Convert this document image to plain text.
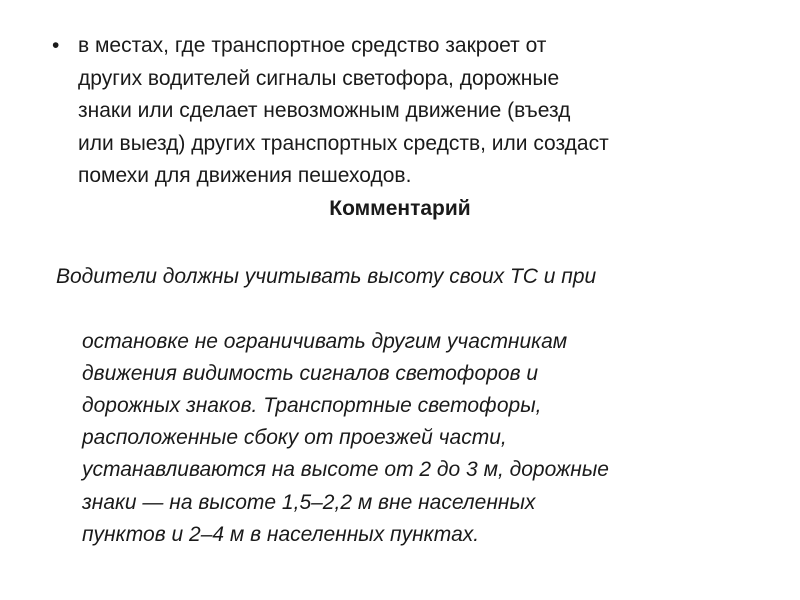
• в местах, где транспортное средство закроет от
других водителей сигналы светофора, дорожные
знаки или сделает невозможным движение (въезд
или выезд) других транспортных средств, или создаст
помехи для движения пешеходов.
Комментарий

Водители должны учитывать высоту своих ТС и при

остановке не ограничивать другим участникам
движения видимость сигналов светофоров и
дорожных знаков. Транспортные светофоры,
расположенные сбоку от проезжей части,
устанавливаются на высоте от 2 до 3 м, дорожные
знаки — на высоте 1,5–2,2 м вне населенных
пунктов и 2–4 м в населенных пунктах.
